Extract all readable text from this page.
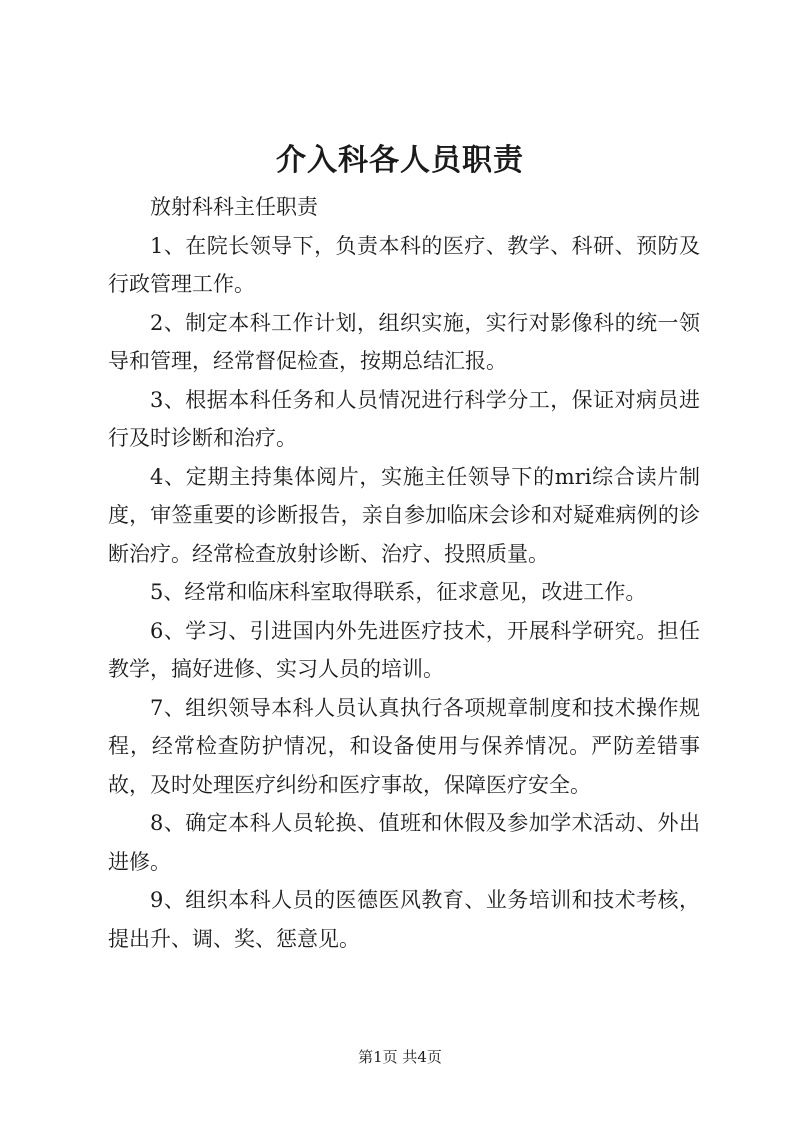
介入科各人员职责

放射科科主任职责

1、在院长领导下，负责本科的医疗、教学、科研、预防及行政管理工作。

2、制定本科工作计划，组织实施，实行对影像科的统一领导和管理，经常督促检查，按期总结汇报。

3、根据本科任务和人员情况进行科学分工，保证对病员进行及时诊断和治疗。

4、定期主持集体阅片，实施主任领导下的mri综合读片制度，审签重要的诊断报告，亲自参加临床会诊和对疑难病例的诊断治疗。经常检查放射诊断、治疗、投照质量。

5、经常和临床科室取得联系，征求意见，改进工作。

6、学习、引进国内外先进医疗技术，开展科学研究。担任教学，搞好进修、实习人员的培训。

7、组织领导本科人员认真执行各项规章制度和技术操作规程，经常检查防护情况，和设备使用与保养情况。严防差错事故，及时处理医疗纠纷和医疗事故，保障医疗安全。

8、确定本科人员轮换、值班和休假及参加学术活动、外出进修。

9、组织本科人员的医德医风教育、业务培训和技术考核，提出升、调、奖、惩意见。

第1页 共4页
